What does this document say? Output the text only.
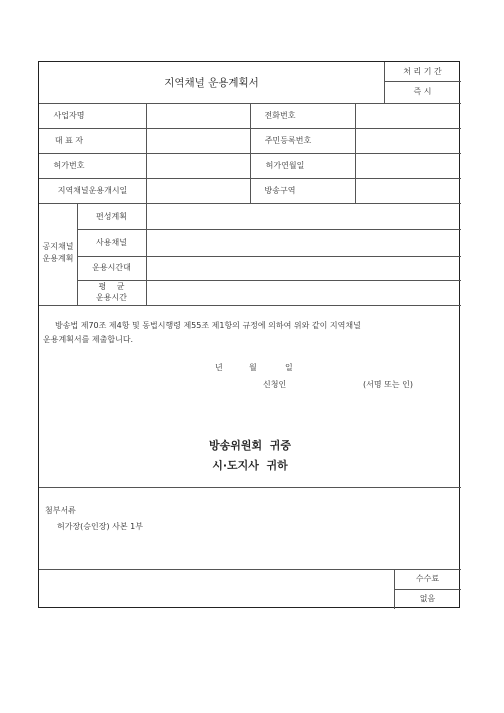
지역채널 운용계획서
처 리 기 간
즉 시
사업자명	전화번호
대 표 자	주민등록번호
허가번호	허가연월일
지역채널운용개시일	방송구역
공지채널
운용계획
편성계획
사용채널
운용시간대
평 균
운용시간
방송법 제70조 제4항 및 동법시행령 제55조 제1항의 규정에 의하여 위와 같이 지역채널
운용계획서를 제출합니다.
년	월	일
신청인	(서명 또는 인)
방송위원회  귀중
시·도지사  귀하
첨부서류
허가장(승인장) 사본 1부
수수료
없음
